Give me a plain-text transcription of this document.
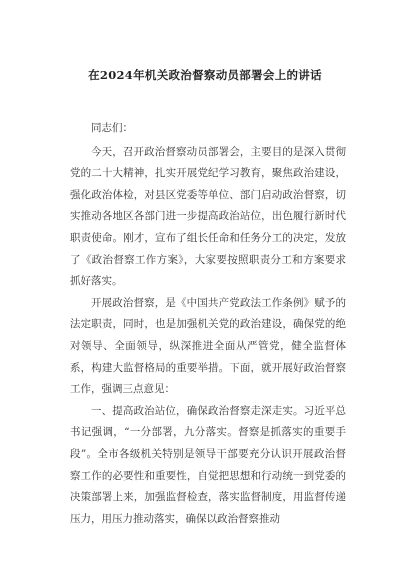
在2024年机关政治督察动员部署会上的讲话

同志们：

今天，召开政治督察动员部署会，主要目的是深入贯彻党的二十大精神，扎实开展党纪学习教育，聚焦政治建设，强化政治体检，对县区党委等单位、部门启动政治督察，切实推动各地区各部门进一步提高政治站位，出色履行新时代职责使命。刚才，宣布了组长任命和任务分工的决定，发放了《政治督察工作方案》，大家要按照职责分工和方案要求抓好落实。

开展政治督察，是《中国共产党政法工作条例》赋予的法定职责，同时，也是加强机关党的政治建设，确保党的绝对领导、全面领导，纵深推进全面从严管党，健全监督体系，构建大监督格局的重要举措。下面，就开展好政治督察工作，强调三点意见：

一、提高政治站位，确保政治督察走深走实。习近平总书记强调，“一分部署，九分落实。督察是抓落实的重要手段”。全市各级机关特别是领导干部要充分认识开展政治督察工作的必要性和重要性，自觉把思想和行动统一到党委的决策部署上来，加强监督检查，落实监督制度，用监督传递压力，用压力推动落实，确保以政治督察推动
